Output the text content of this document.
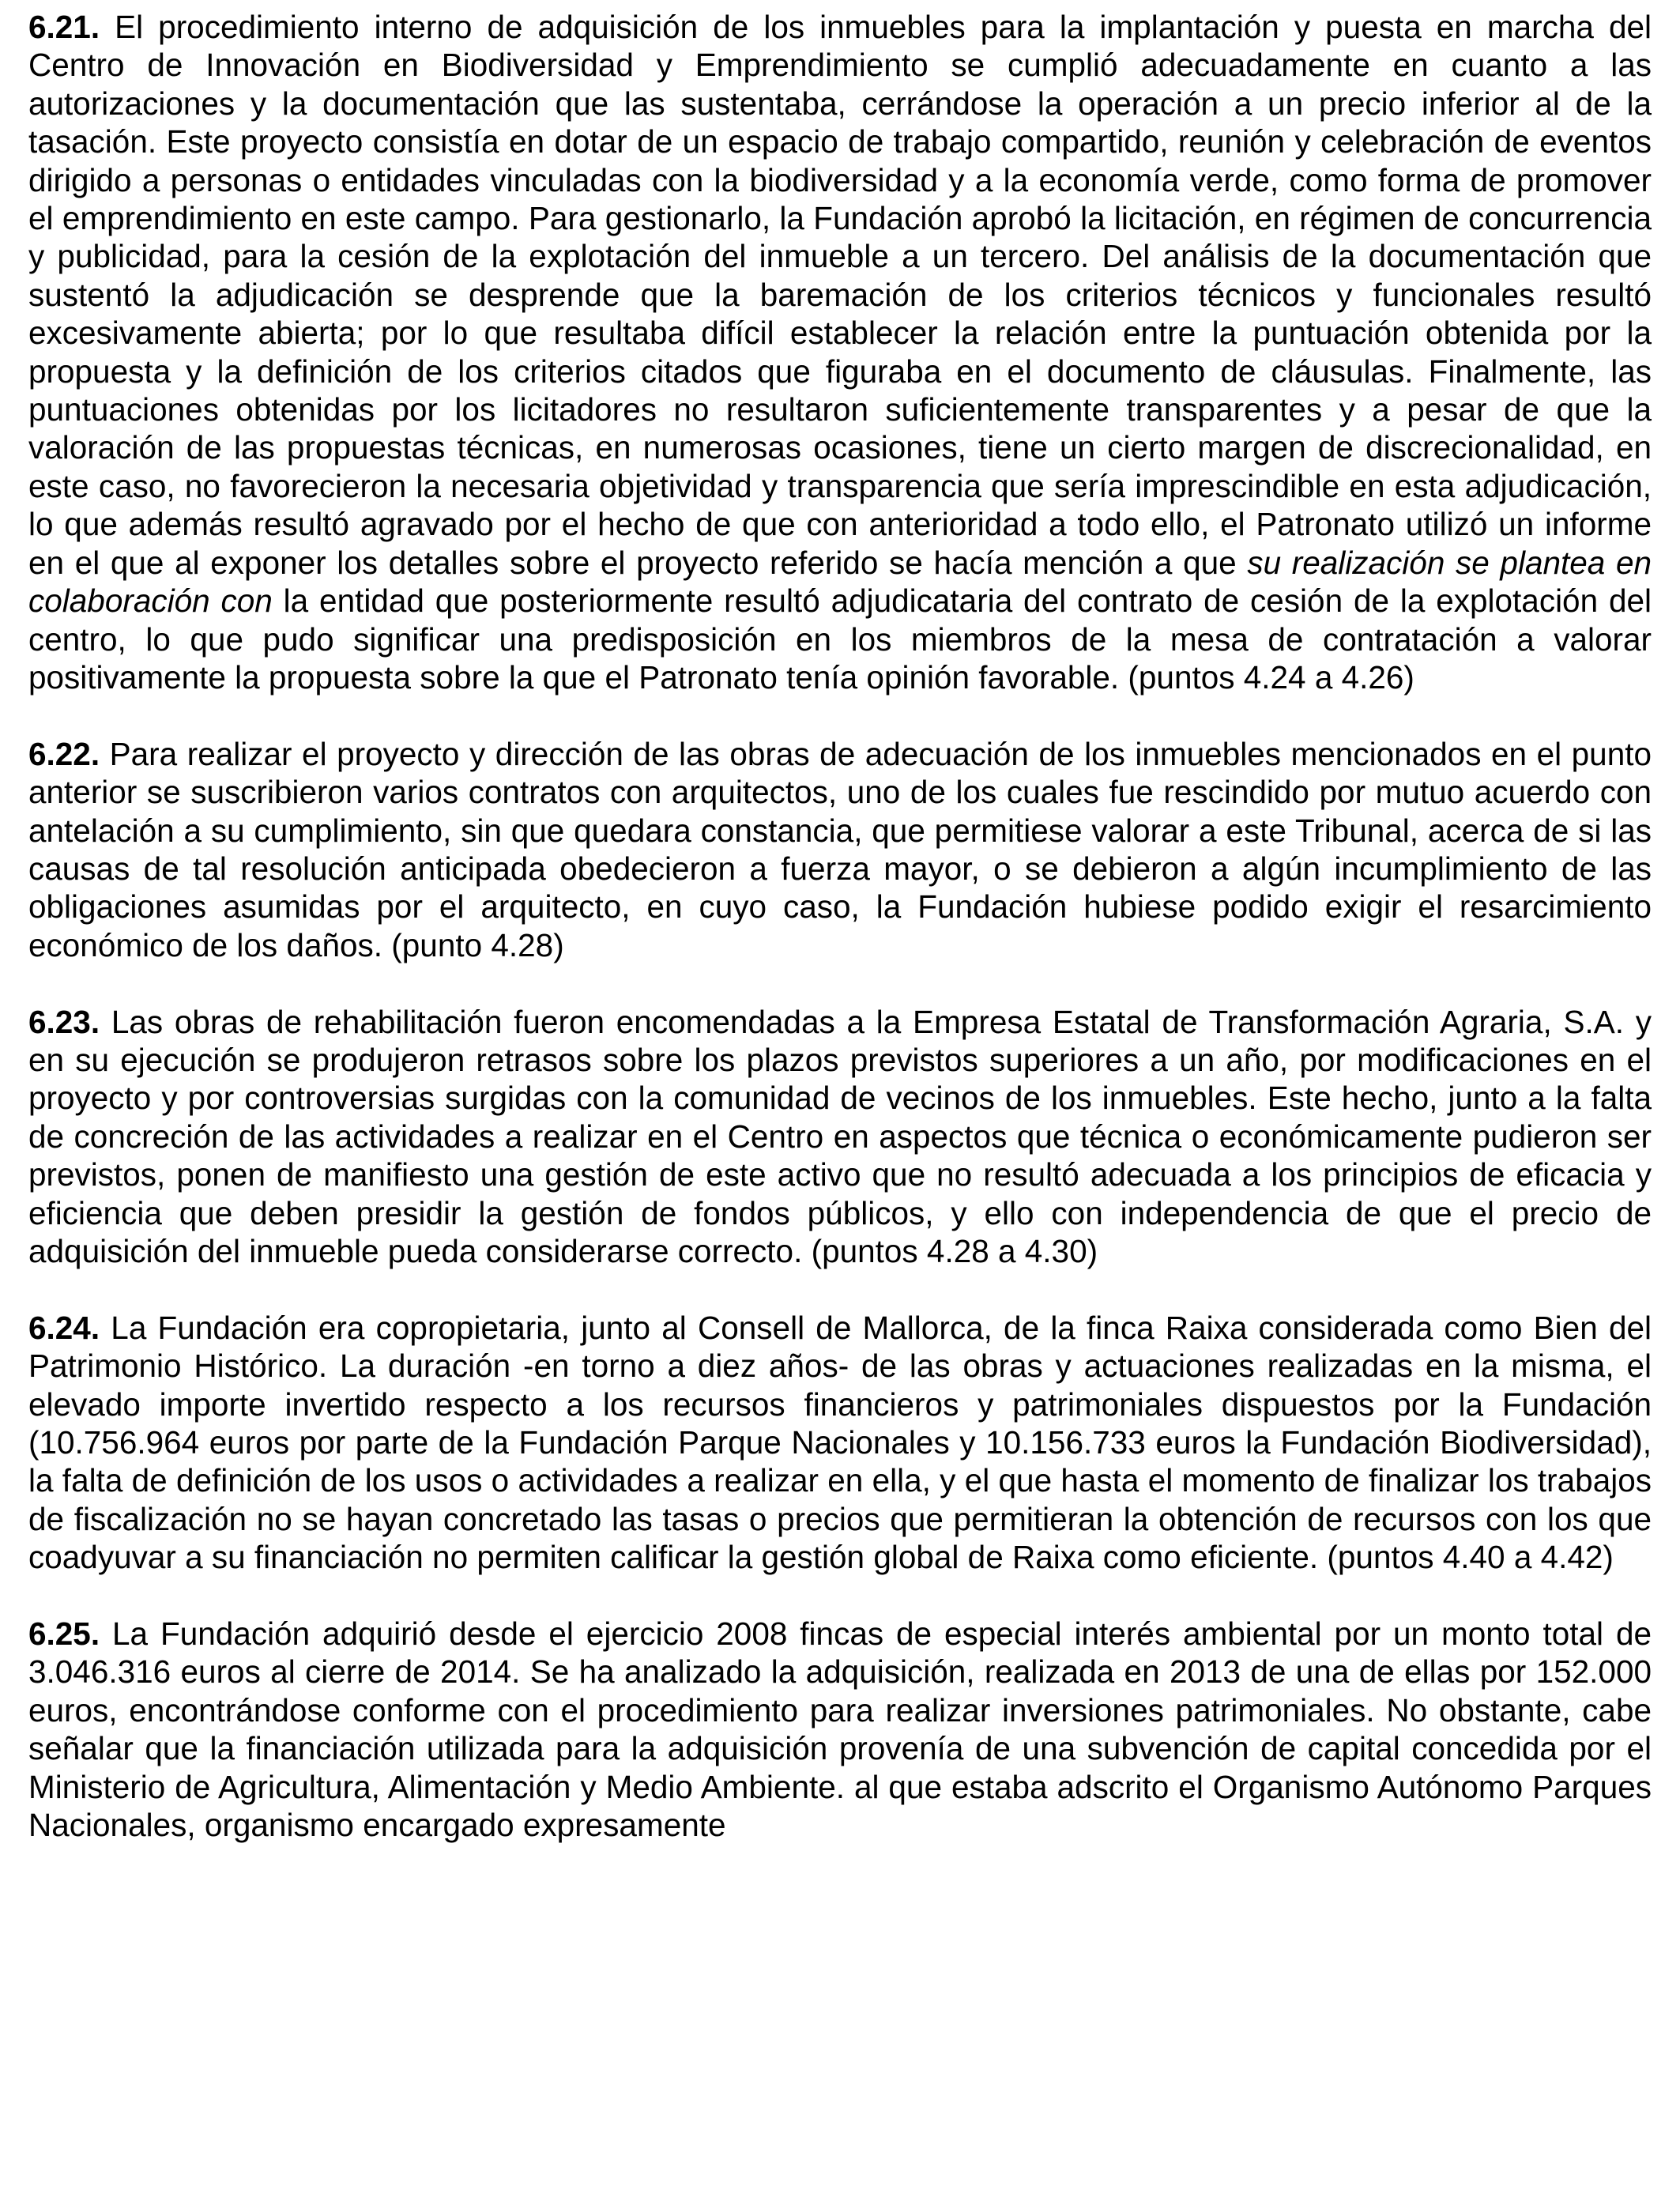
6.21. El procedimiento interno de adquisición de los inmuebles para la implantación y puesta en marcha del Centro de Innovación en Biodiversidad y Emprendimiento se cumplió adecuadamente en cuanto a las autorizaciones y la documentación que las sustentaba, cerrándose la operación a un precio inferior al de la tasación. Este proyecto consistía en dotar de un espacio de trabajo compartido, reunión y celebración de eventos dirigido a personas o entidades vinculadas con la biodiversidad y a la economía verde, como forma de promover el emprendimiento en este campo. Para gestionarlo, la Fundación aprobó la licitación, en régimen de concurrencia y publicidad, para la cesión de la explotación del inmueble a un tercero. Del análisis de la documentación que sustentó la adjudicación se desprende que la baremación de los criterios técnicos y funcionales resultó excesivamente abierta; por lo que resultaba difícil establecer la relación entre la puntuación obtenida por la propuesta y la definición de los criterios citados que figuraba en el documento de cláusulas. Finalmente, las puntuaciones obtenidas por los licitadores no resultaron suficientemente transparentes y a pesar de que la valoración de las propuestas técnicas, en numerosas ocasiones, tiene un cierto margen de discrecionalidad, en este caso, no favorecieron la necesaria objetividad y transparencia que sería imprescindible en esta adjudicación, lo que además resultó agravado por el hecho de que con anterioridad a todo ello, el Patronato utilizó un informe en el que al exponer los detalles sobre el proyecto referido se hacía mención a que su realización se plantea en colaboración con la entidad que posteriormente resultó adjudicataria del contrato de cesión de la explotación del centro, lo que pudo significar una predisposición en los miembros de la mesa de contratación a valorar positivamente la propuesta sobre la que el Patronato tenía opinión favorable. (puntos 4.24 a 4.26)

6.22. Para realizar el proyecto y dirección de las obras de adecuación de los inmuebles mencionados en el punto anterior se suscribieron varios contratos con arquitectos, uno de los cuales fue rescindido por mutuo acuerdo con antelación a su cumplimiento, sin que quedara constancia, que permitiese valorar a este Tribunal, acerca de si las causas de tal resolución anticipada obedecieron a fuerza mayor, o se debieron a algún incumplimiento de las obligaciones asumidas por el arquitecto, en cuyo caso, la Fundación hubiese podido exigir el resarcimiento económico de los daños. (punto 4.28)

6.23. Las obras de rehabilitación fueron encomendadas a la Empresa Estatal de Transformación Agraria, S.A. y en su ejecución se produjeron retrasos sobre los plazos previstos superiores a un año, por modificaciones en el proyecto y por controversias surgidas con la comunidad de vecinos de los inmuebles. Este hecho, junto a la falta de concreción de las actividades a realizar en el Centro en aspectos que técnica o económicamente pudieron ser previstos, ponen de manifiesto una gestión de este activo que no resultó adecuada a los principios de eficacia y eficiencia que deben presidir la gestión de fondos públicos, y ello con independencia de que el precio de adquisición del inmueble pueda considerarse correcto. (puntos 4.28 a 4.30)

6.24. La Fundación era copropietaria, junto al Consell de Mallorca, de la finca Raixa considerada como Bien del Patrimonio Histórico. La duración -en torno a diez años- de las obras y actuaciones realizadas en la misma, el elevado importe invertido respecto a los recursos financieros y patrimoniales dispuestos por la Fundación (10.756.964 euros por parte de la Fundación Parque Nacionales y 10.156.733 euros la Fundación Biodiversidad), la falta de definición de los usos o actividades a realizar en ella, y el que hasta el momento de finalizar los trabajos de fiscalización no se hayan concretado las tasas o precios que permitieran la obtención de recursos con los que coadyuvar a su financiación no permiten calificar la gestión global de Raixa como eficiente. (puntos 4.40 a 4.42)

6.25. La Fundación adquirió desde el ejercicio 2008 fincas de especial interés ambiental por un monto total de 3.046.316 euros al cierre de 2014. Se ha analizado la adquisición, realizada en 2013 de una de ellas por 152.000 euros, encontrándose conforme con el procedimiento para realizar inversiones patrimoniales. No obstante, cabe señalar que la financiación utilizada para la adquisición provenía de una subvención de capital concedida por el Ministerio de Agricultura, Alimentación y Medio Ambiente. al que estaba adscrito el Organismo Autónomo Parques Nacionales, organismo encargado expresamente
